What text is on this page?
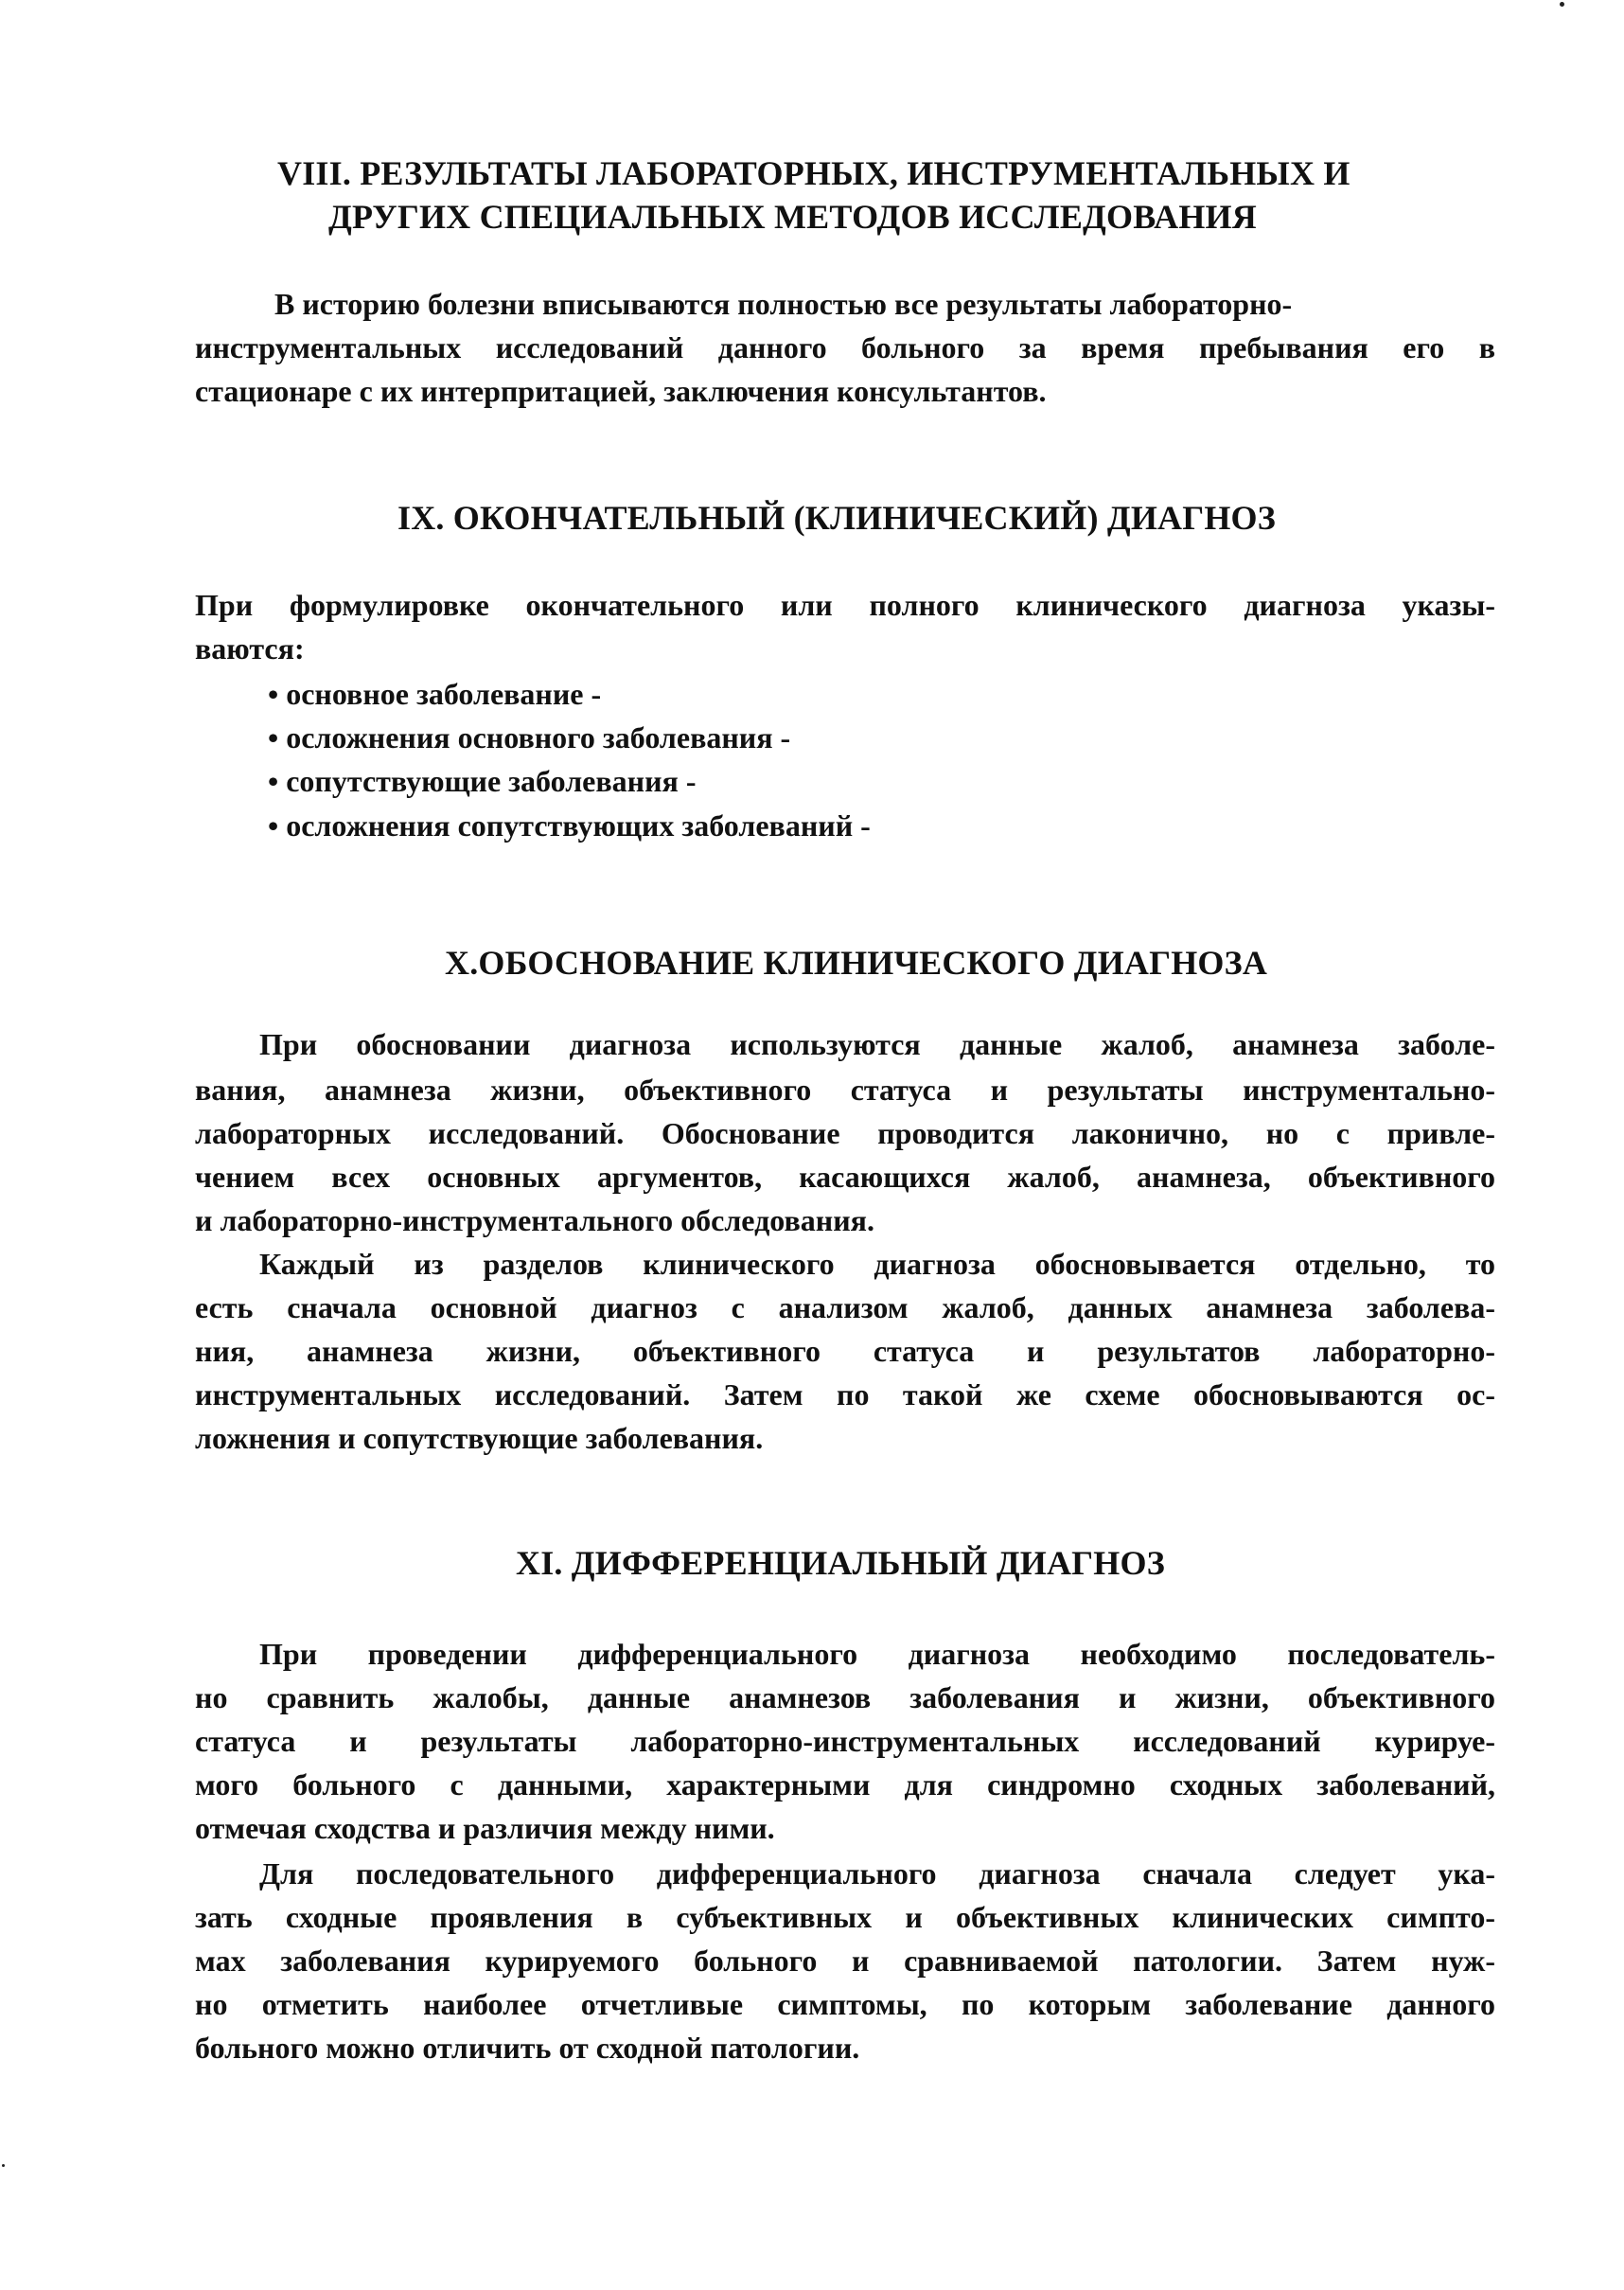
VIII. РЕЗУЛЬТАТЫ ЛАБОРАТОРНЫХ, ИНСТРУМЕНТАЛЬНЫХ И
ДРУГИХ СПЕЦИАЛЬНЫХ МЕТОДОВ ИССЛЕДОВАНИЯ
В историю болезни вписываются полностью все результаты лабораторно-
инструментальных исследований данного больного за время пребывания его в
стационаре с их интерпритацией, заключения консультантов.
IX. ОКОНЧАТЕЛЬНЫЙ (КЛИНИЧЕСКИЙ) ДИАГНОЗ
При формулировке окончательного или полного клинического диагноза указы-
ваются:
• основное заболевание -
• осложнения основного заболевания -
• сопутствующие заболевания -
• осложнения сопутствующих заболеваний -
X.ОБОСНОВАНИЕ КЛИНИЧЕСКОГО ДИАГНОЗА
При обосновании диагноза используются данные жалоб, анамнеза заболе-
вания, анамнеза жизни, объективного статуса и результаты инструментально-
лабораторных исследований. Обоснование проводится лаконично, но с привле-
чением всех основных аргументов, касающихся жалоб, анамнеза, объективного
и лабораторно-инструментального обследования.
Каждый из разделов клинического диагноза обосновывается отдельно, то
есть сначала основной диагноз с анализом жалоб, данных анамнеза заболева-
ния, анамнеза жизни, объективного статуса и результатов лабораторно-
инструментальных исследований. Затем по такой же схеме обосновываются ос-
ложнения и сопутствующие заболевания.
XI. ДИФФЕРЕНЦИАЛЬНЫЙ ДИАГНОЗ
При проведении дифференциального диагноза необходимо последователь-
но сравнить жалобы, данные анамнезов заболевания и жизни, объективного
статуса и результаты лабораторно-инструментальных исследований курируе-
мого больного с данными, характерными для синдромно сходных заболеваний,
отмечая сходства и различия между ними.
Для последовательного дифференциального диагноза сначала следует ука-
зать сходные проявления в субъективных и объективных клинических симпто-
мах заболевания курируемого больного и сравниваемой патологии. Затем нуж-
но отметить наиболее отчетливые симптомы, по которым заболевание данного
больного можно отличить от сходной патологии.
